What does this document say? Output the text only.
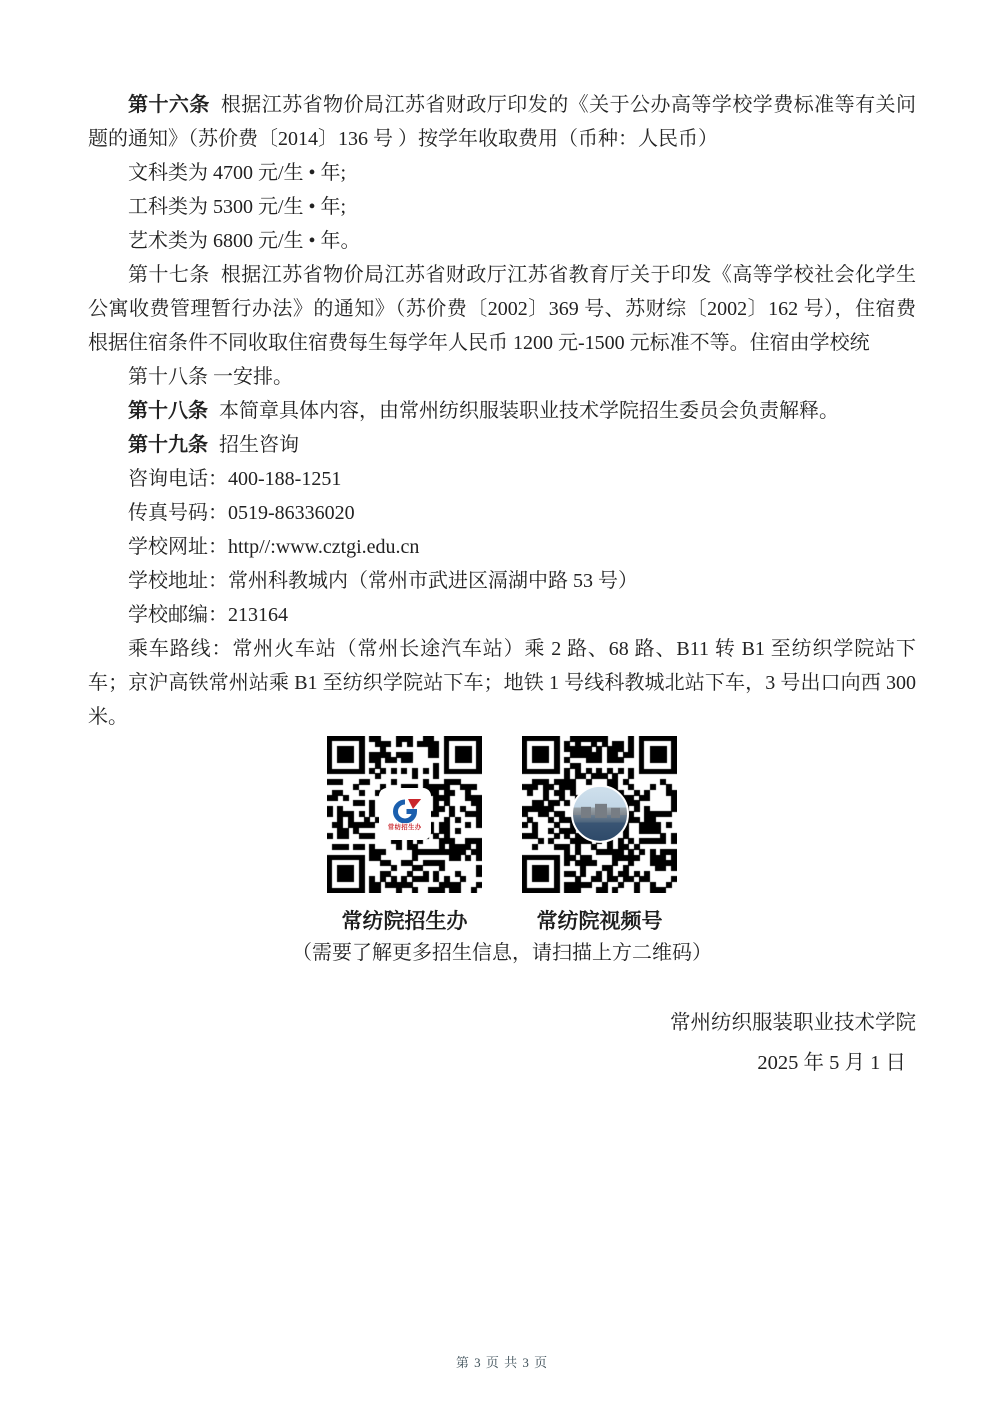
第十六条 根据江苏省物价局江苏省财政厅印发的《关于公办高等学校学费标准等有关问题的通知》（苏价费〔2014〕136 号 ）按学年收取费用（币种：人民币）

文科类为 4700 元/生 • 年;

工科类为 5300 元/生 • 年;

艺术类为 6800 元/生 • 年。

第十七条 根据江苏省物价局江苏省财政厅江苏省教育厅关于印发《高等学校社会化学生公寓收费管理暂行办法》的通知》（苏价费〔2002〕369 号、苏财综〔2002〕162 号），住宿费根据住宿条件不同收取住宿费每生每学年人民币 1200 元-1500 元标准不等。住宿由学校统

第十八条 一安排。

第十八条 本简章具体内容，由常州纺织服装职业技术学院招生委员会负责解释。

第十九条 招生咨询

咨询电话：400-188-1251

传真号码：0519-86336020

学校网址：http//:www.cztgi.edu.cn

学校地址：常州科教城内（常州市武进区滆湖中路 53 号）

学校邮编：213164

乘车路线：常州火车站（常州长途汽车站）乘 2 路、68 路、B11 转 B1 至纺织学院站下车；京沪高铁常州站乘 B1 至纺织学院站下车；地铁 1 号线科教城北站下车，3 号出口向西 300 米。

常纺招生办
常纺院招生办	常纺院视频号

（需要了解更多招生信息，请扫描上方二维码）

常州纺织服装职业技术学院

2025 年 5 月 1 日

第 3 页 共 3 页
